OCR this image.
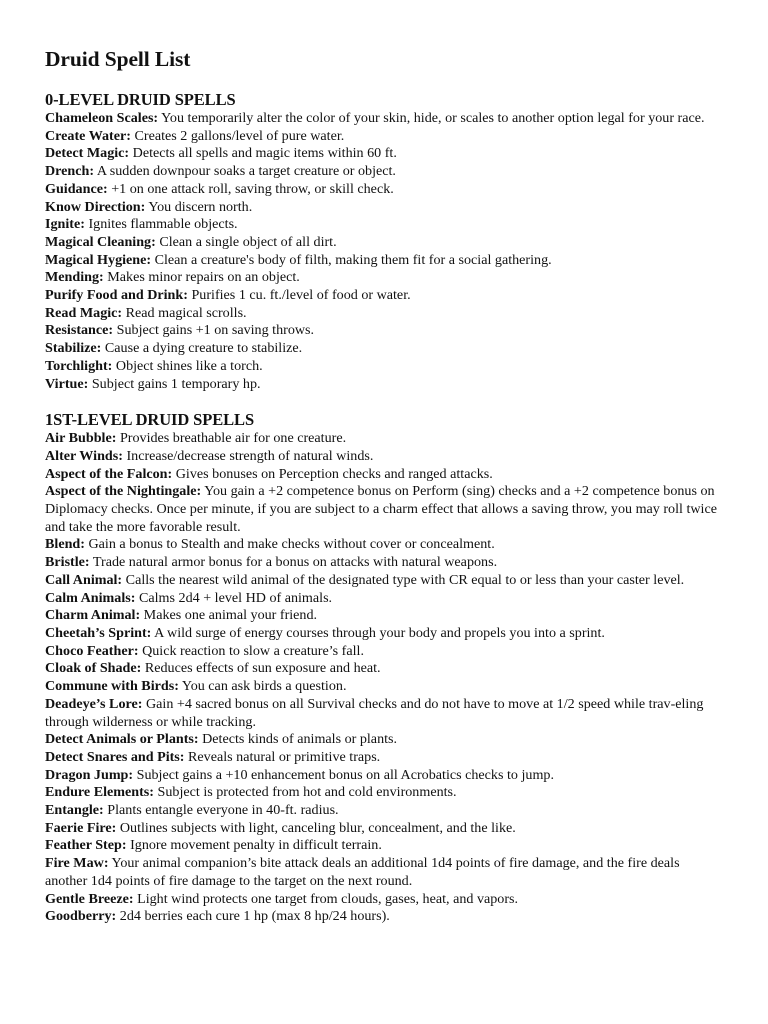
Druid Spell List
0-LEVEL DRUID SPELLS

Chameleon Scales: You temporarily alter the color of your skin, hide, or scales to another option legal for your race.

Create Water: Creates 2 gallons/level of pure water.

Detect Magic: Detects all spells and magic items within 60 ft.

Drench: A sudden downpour soaks a target creature or object.

Guidance: +1 on one attack roll, saving throw, or skill check.

Know Direction: You discern north.

Ignite: Ignites flammable objects.

Magical Cleaning: Clean a single object of all dirt.

Magical Hygiene: Clean a creature's body of filth, making them fit for a social gathering.

Mending: Makes minor repairs on an object.

Purify Food and Drink: Purifies 1 cu. ft./level of food or water.

Read Magic: Read magical scrolls.

Resistance: Subject gains +1 on saving throws.

Stabilize: Cause a dying creature to stabilize.

Torchlight: Object shines like a torch.

Virtue: Subject gains 1 temporary hp.

1ST-LEVEL DRUID SPELLS

Air Bubble: Provides breathable air for one creature.

Alter Winds: Increase/decrease strength of natural winds.

Aspect of the Falcon: Gives bonuses on Perception checks and ranged attacks.

Aspect of the Nightingale: You gain a +2 competence bonus on Perform (sing) checks and a +2 competence bonus on Diplomacy checks. Once per minute, if you are subject to a charm effect that allows a saving throw, you may roll twice and take the more favorable result.

Blend: Gain a bonus to Stealth and make checks without cover or concealment.

Bristle: Trade natural armor bonus for a bonus on attacks with natural weapons.

Call Animal: Calls the nearest wild animal of the designated type with CR equal to or less than your caster level.

Calm Animals: Calms 2d4 + level HD of animals.

Charm Animal: Makes one animal your friend.

Cheetah’s Sprint: A wild surge of energy courses through your body and propels you into a sprint.

Choco Feather: Quick reaction to slow a creature’s fall.

Cloak of Shade: Reduces effects of sun exposure and heat.

Commune with Birds: You can ask birds a question.

Deadeye’s Lore: Gain +4 sacred bonus on all Survival checks and do not have to move at 1/2 speed while trav-eling through wilderness or while tracking.

Detect Animals or Plants: Detects kinds of animals or plants.

Detect Snares and Pits: Reveals natural or primitive traps.

Dragon Jump: Subject gains a +10 enhancement bonus on all Acrobatics checks to jump.

Endure Elements: Subject is protected from hot and cold environments.

Entangle: Plants entangle everyone in 40-ft. radius.

Faerie Fire: Outlines subjects with light, canceling blur, concealment, and the like.

Feather Step: Ignore movement penalty in difficult terrain.

Fire Maw: Your animal companion’s bite attack deals an additional 1d4 points of fire damage, and the fire deals another 1d4 points of fire damage to the target on the next round.

Gentle Breeze: Light wind protects one target from clouds, gases, heat, and vapors.

Goodberry: 2d4 berries each cure 1 hp (max 8 hp/24 hours).
